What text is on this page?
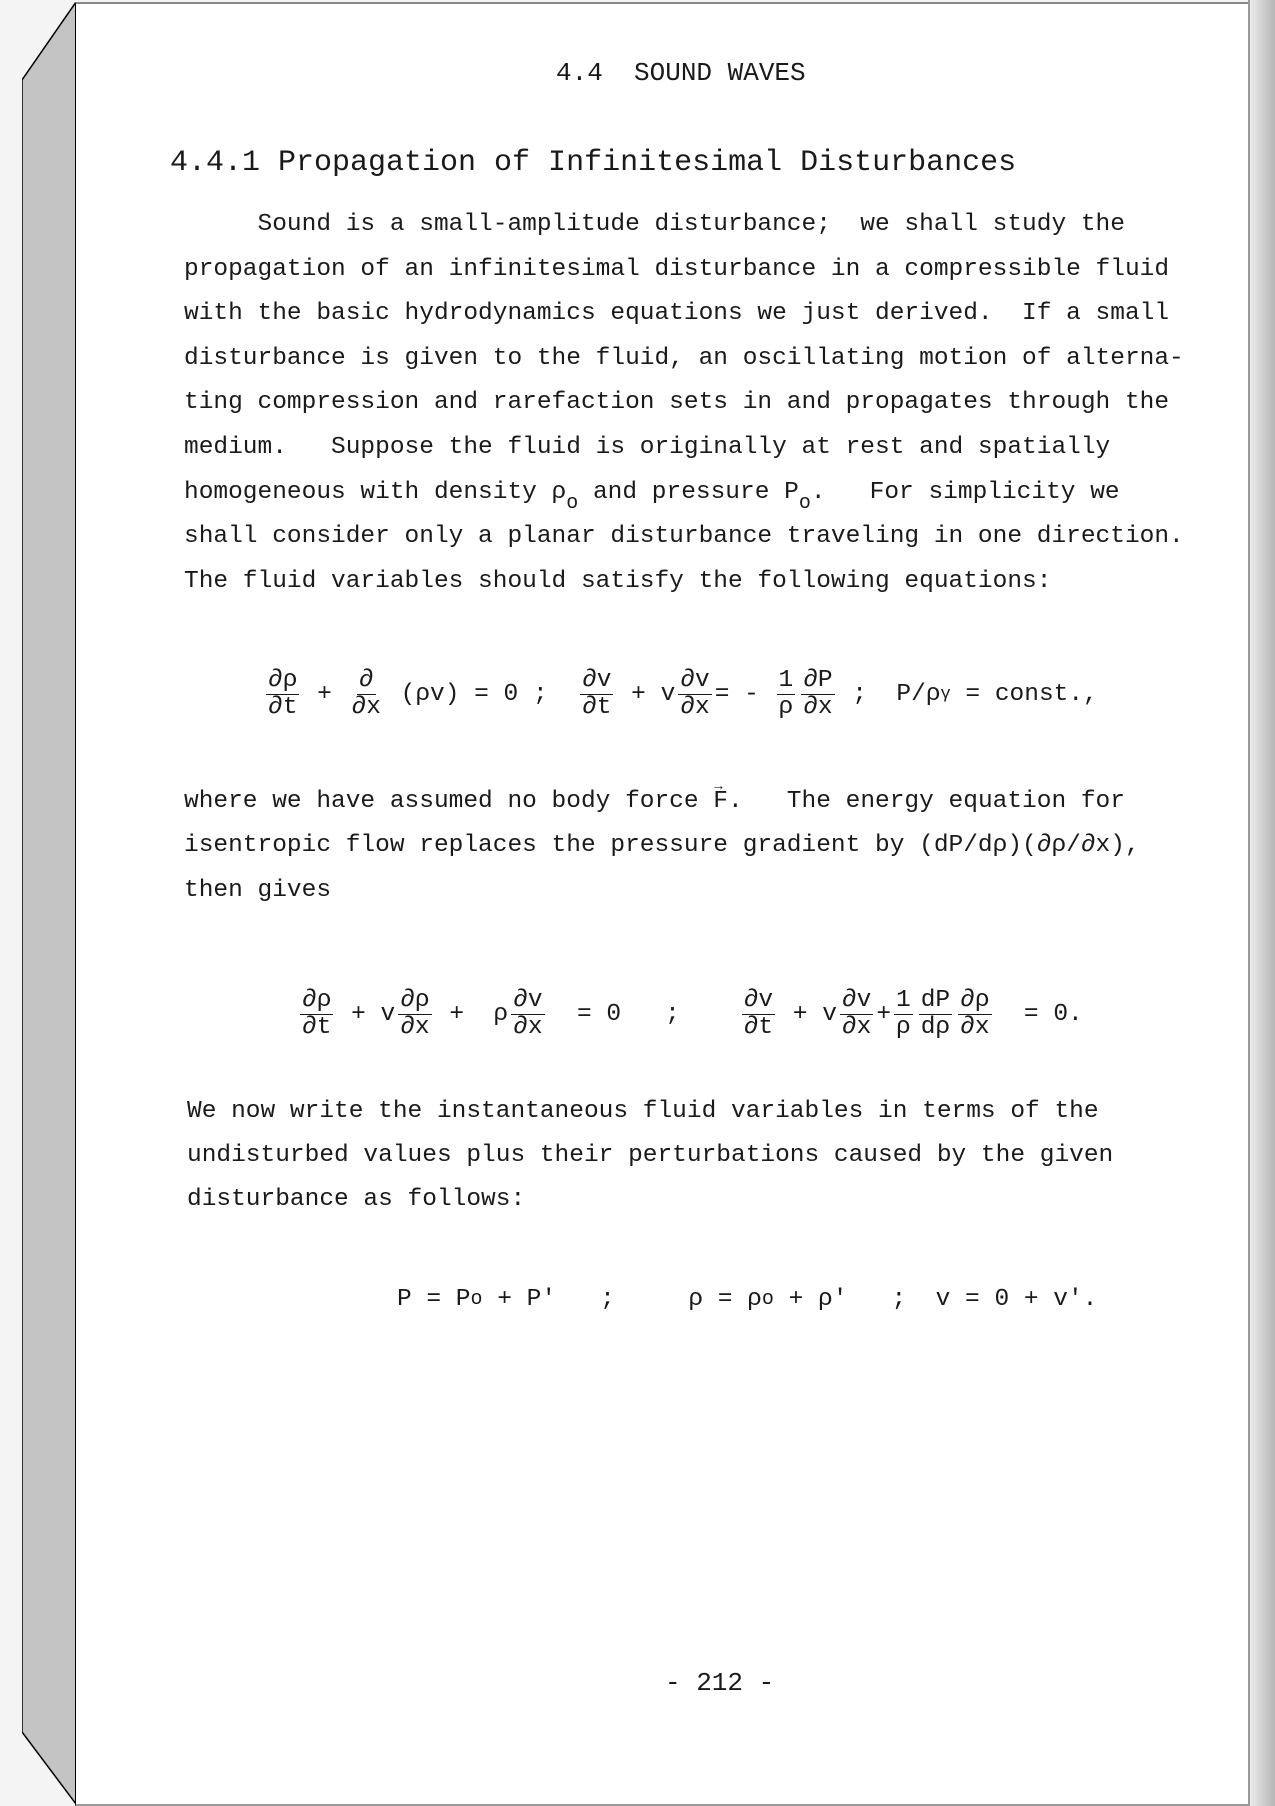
4.4  SOUND WAVES
4.4.1 Propagation of Infinitesimal Disturbances
Sound is a small-amplitude disturbance;  we shall study the
propagation of an infinitesimal disturbance in a compressible fluid
with the basic hydrodynamics equations we just derived.  If a small
disturbance is given to the fluid, an oscillating motion of alterna-
ting compression and rarefaction sets in and propagates through the
medium.   Suppose the fluid is originally at rest and spatially
homogeneous with density $\rho_o$ and pressure $P_o$.   For simplicity we
shall consider only a planar disturbance traveling in one direction.
The fluid variables should satisfy the following equations:
$\frac{\partial\rho}{\partial t} + \frac{\partial}{\partial x} (\rho v) = 0$ ; $\frac{\partial v}{\partial t} + v \frac{\partial v}{\partial x}$ = - $\frac{1}{\rho} \frac{\partial P}{\partial x}$ ;  P/ρ γ = const.,
where we have assumed no body force → F.   The energy equation for
isentropic flow replaces the pressure gradient by (dP/dρ)(∂ρ/∂x),
then gives
$\frac{\partial\rho}{\partial t} + v \frac{\partial\rho}{\partial x} + \rho \frac{\partial v}{\partial x} = 0$   ; $\frac{\partial v}{\partial t} + v \frac{\partial v}{\partial x} + \frac{1}{\rho} \frac{dP}{d\rho} \frac{\partial\rho}{\partial x} = 0$.
We now write the instantaneous fluid variables in terms of the
undisturbed values plus their perturbations caused by the given
disturbance as follows:
P = P o + P'   ;     ρ = ρ o + ρ'   ;  v = 0 + v'.
- 212 -
